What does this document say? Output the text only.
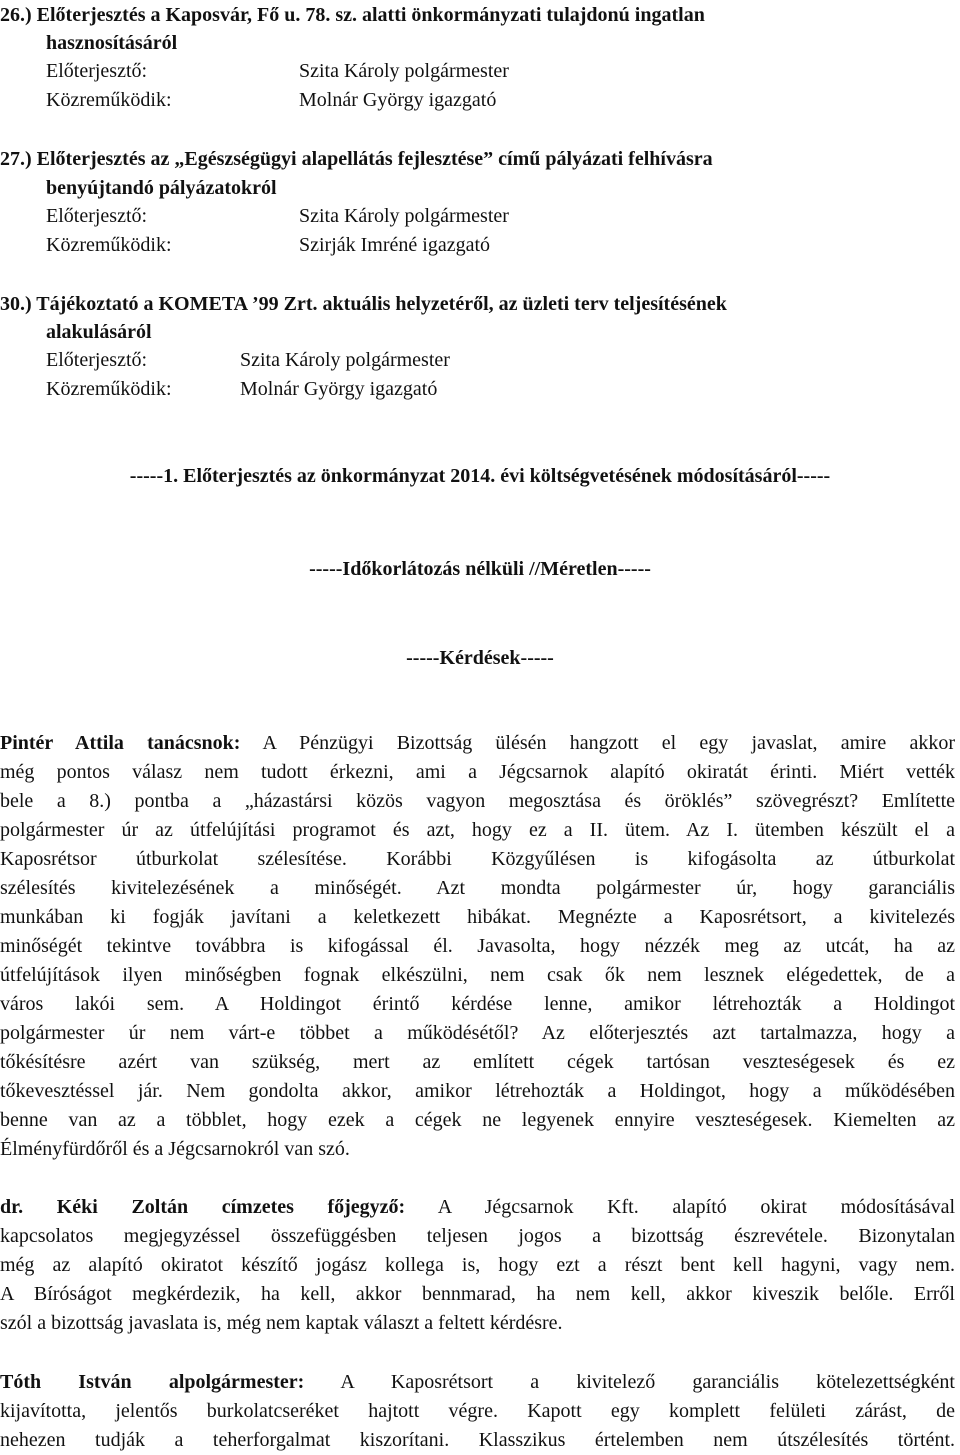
26.) Előterjesztés a Kaposvár, Fő u. 78. sz. alatti önkormányzati tulajdonú ingatlan
hasznosításáról
Előterjesztő:	Szita Károly polgármester
Közreműködik:	Molnár György igazgató
27.) Előterjesztés az „Egészségügyi alapellátás fejlesztése” című pályázati felhívásra
benyújtandó pályázatokról
Előterjesztő:	Szita Károly polgármester
Közreműködik:	Szirják Imréné igazgató
30.) Tájékoztató a KOMETA ’99 Zrt. aktuális helyzetéről, az üzleti terv teljesítésének
alakulásáról
Előterjesztő:	Szita Károly polgármester
Közreműködik:	Molnár György igazgató
-----1. Előterjesztés az önkormányzat 2014. évi költségvetésének módosításáról-----
-----Időkorlátozás nélküli //Méretlen-----
-----Kérdések-----
Pintér Attila tanácsnok: A Pénzügyi Bizottság ülésén hangzott el egy javaslat, amire akkor
még pontos válasz nem tudott érkezni, ami a Jégcsarnok alapító okiratát érinti. Miért vették
bele a 8.) pontba a „házastársi közös vagyon megosztása és öröklés” szövegrészt? Említette
polgármester úr az útfelújítási programot és azt, hogy ez a II. ütem. Az I. ütemben készült el a
Kaposrétsor útburkolat szélesítése. Korábbi Közgyűlésen is kifogásolta az útburkolat
szélesítés kivitelezésének a minőségét. Azt mondta polgármester úr, hogy garanciális
munkában ki fogják javítani a keletkezett hibákat. Megnézte a Kaposrétsort, a kivitelezés
minőségét tekintve továbbra is kifogással él. Javasolta, hogy nézzék meg az utcát, ha az
útfelújítások ilyen minőségben fognak elkészülni, nem csak ők nem lesznek elégedettek, de a
város lakói sem. A Holdingot érintő kérdése lenne, amikor létrehozták a Holdingot
polgármester úr nem várt-e többet a működésétől? Az előterjesztés azt tartalmazza, hogy a
tőkésítésre azért van szükség, mert az említett cégek tartósan veszteségesek és ez
tőkevesztéssel jár. Nem gondolta akkor, amikor létrehozták a Holdingot, hogy a működésében
benne van az a többlet, hogy ezek a cégek ne legyenek ennyire veszteségesek. Kiemelten az
Élményfürdőről és a Jégcsarnokról van szó.
dr. Kéki Zoltán címzetes főjegyző: A Jégcsarnok Kft. alapító okirat módosításával
kapcsolatos megjegyzéssel összefüggésben teljesen jogos a bizottság észrevétele. Bizonytalan
még az alapító okiratot készítő jogász kollega is, hogy ezt a részt bent kell hagyni, vagy nem.
A Bíróságot megkérdezik, ha kell, akkor bennmarad, ha nem kell, akkor kiveszik belőle. Erről
szól a bizottság javaslata is, még nem kaptak választ a feltett kérdésre.
Tóth István alpolgármester: A Kaposrétsort a kivitelező garanciális kötelezettségként
kijavította, jelentős burkolatcseréket hajtott végre. Kapott egy komplett felületi zárást, de
nehezen tudják a teherforgalmat kiszorítani. Klasszikus értelemben nem útszélesítés történt.
